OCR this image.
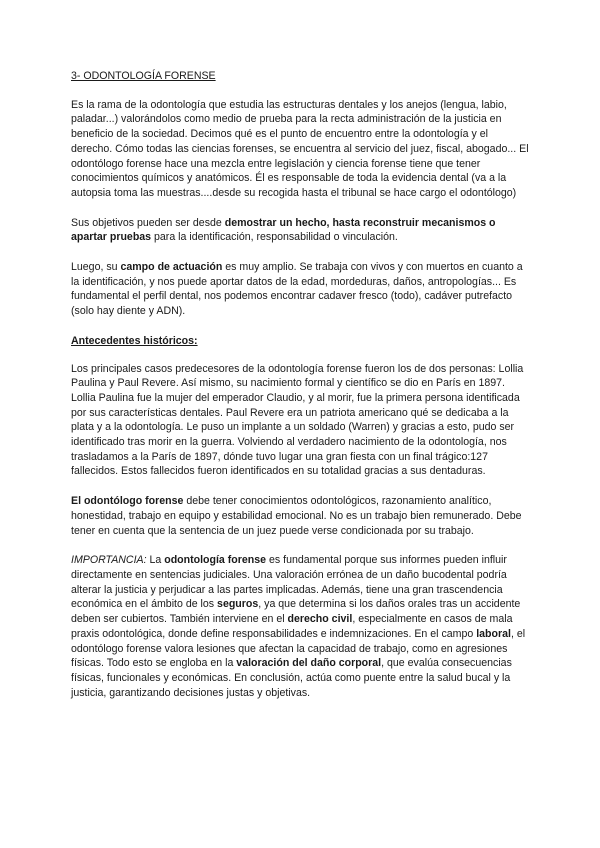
3- ODONTOLOGÍA FORENSE

Es la rama de la odontología que estudia las estructuras dentales y los anejos (lengua, labio, paladar...) valorándolos como medio de prueba para la recta administración de la justicia en beneficio de la sociedad. Decimos qué es el punto de encuentro entre la odontología y el derecho. Cómo todas las ciencias forenses, se encuentra al servicio del juez, fiscal, abogado... El odontólogo forense hace una mezcla entre legislación y ciencia forense tiene que tener conocimientos químicos y anatómicos. Él es responsable de toda la evidencia dental (va a la autopsia toma las muestras....desde su recogida hasta el tribunal se hace cargo el odontólogo)

Sus objetivos pueden ser desde demostrar un hecho, hasta reconstruir mecanismos o apartar pruebas para la identificación, responsabilidad o vinculación.

Luego, su campo de actuación es muy amplio. Se trabaja con vivos y con muertos en cuanto a la identificación, y nos puede aportar datos de la edad, mordeduras, daños, antropologías... Es fundamental el perfil dental, nos podemos encontrar cadaver fresco (todo), cadáver putrefacto (solo hay diente y ADN).

Antecedentes históricos:

Los principales casos predecesores de la odontología forense fueron los de dos personas: Lollia Paulina y Paul Revere. Así mismo, su nacimiento formal y científico se dio en París en 1897. Lollia Paulina fue la mujer del emperador Claudio, y al morir, fue la primera persona identificada por sus características dentales. Paul Revere era un patriota americano qué se dedicaba a la plata y a la odontología. Le puso un implante a un soldado (Warren) y gracias a esto, pudo ser identificado tras morir en la guerra. Volviendo al verdadero nacimiento de la odontología, nos trasladamos a la París de 1897, dónde tuvo lugar una gran fiesta con un final trágico:127 fallecidos. Estos fallecidos fueron identificados en su totalidad gracias a sus dentaduras.

El odontólogo forense debe tener conocimientos odontológicos, razonamiento analítico, honestidad, trabajo en equipo y estabilidad emocional. No es un trabajo bien remunerado. Debe tener en cuenta que la sentencia de un juez puede verse condicionada por su trabajo.

IMPORTANCIA: La odontología forense es fundamental porque sus informes pueden influir directamente en sentencias judiciales. Una valoración errónea de un daño bucodental podría alterar la justicia y perjudicar a las partes implicadas. Además, tiene una gran trascendencia económica en el ámbito de los seguros, ya que determina si los daños orales tras un accidente deben ser cubiertos. También interviene en el derecho civil, especialmente en casos de mala praxis odontológica, donde define responsabilidades e indemnizaciones. En el campo laboral, el odontólogo forense valora lesiones que afectan la capacidad de trabajo, como en agresiones físicas. Todo esto se engloba en la valoración del daño corporal, que evalúa consecuencias físicas, funcionales y económicas. En conclusión, actúa como puente entre la salud bucal y la justicia, garantizando decisiones justas y objetivas.
